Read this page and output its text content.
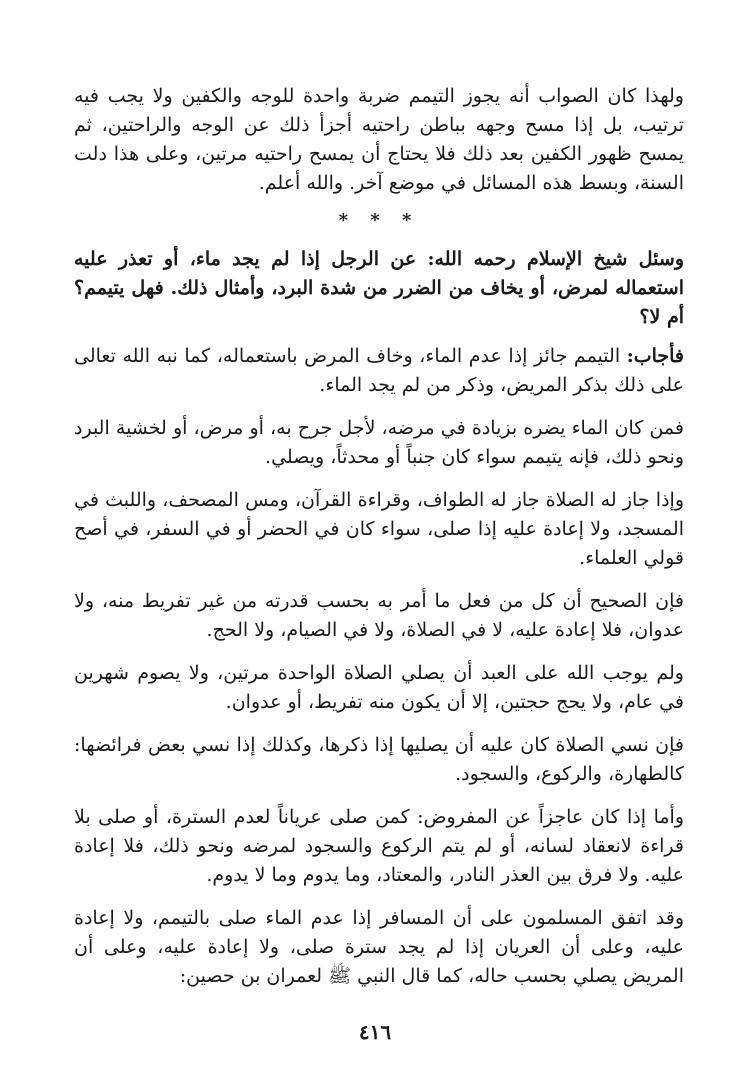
ولهذا كان الصواب أنه يجوز التيمم ضربة واحدة للوجه والكفين ولا يجب فيه ترتيب، بل إذا مسح وجهه بباطن راحتيه أجزأ ذلك عن الوجه والراحتين، ثم يمسح ظهور الكفين بعد ذلك فلا يحتاج أن يمسح راحتيه مرتين، وعلى هذا دلت السنة، وبسط هذه المسائل في موضع آخر. والله أعلم.

* * *

وسئل شيخ الإسلام رحمه الله: عن الرجل إذا لم يجد ماء، أو تعذر عليه استعماله لمرض، أو يخاف من الضرر من شدة البرد، وأمثال ذلك. فهل يتيمم؟ أم لا؟

فأجاب: التيمم جائز إذا عدم الماء، وخاف المرض باستعماله، كما نبه الله تعالى على ذلك بذكر المريض، وذكر من لم يجد الماء.

فمن كان الماء يضره بزيادة في مرضه، لأجل جرح به، أو مرض، أو لخشية البرد ونحو ذلك، فإنه يتيمم سواء كان جنباً أو محدثاً، ويصلي.

وإذا جاز له الصلاة جاز له الطواف، وقراءة القرآن، ومس المصحف، واللبث في المسجد، ولا إعادة عليه إذا صلى، سواء كان في الحضر أو في السفر، في أصح قولي العلماء.

فإن الصحيح أن كل من فعل ما أمر به بحسب قدرته من غير تفريط منه، ولا عدوان، فلا إعادة عليه، لا في الصلاة، ولا في الصيام، ولا الحج.

ولم يوجب الله على العبد أن يصلي الصلاة الواحدة مرتين، ولا يصوم شهرين في عام، ولا يحج حجتين، إلا أن يكون منه تفريط، أو عدوان.

فإن نسي الصلاة كان عليه أن يصليها إذا ذكرها، وكذلك إذا نسي بعض فرائضها: كالطهارة، والركوع، والسجود.

وأما إذا كان عاجزاً عن المفروض: كمن صلى عرياناً لعدم السترة، أو صلى بلا قراءة لانعقاد لسانه، أو لم يتم الركوع والسجود لمرضه ونحو ذلك، فلا إعادة عليه. ولا فرق بين العذر النادر، والمعتاد، وما يدوم وما لا يدوم.

وقد اتفق المسلمون على أن المسافر إذا عدم الماء صلى بالتيمم، ولا إعادة عليه، وعلى أن العريان إذا لم يجد سترة صلى، ولا إعادة عليه، وعلى أن المريض يصلي بحسب حاله، كما قال النبي ﷺ لعمران بن حصين:

٤١٦
